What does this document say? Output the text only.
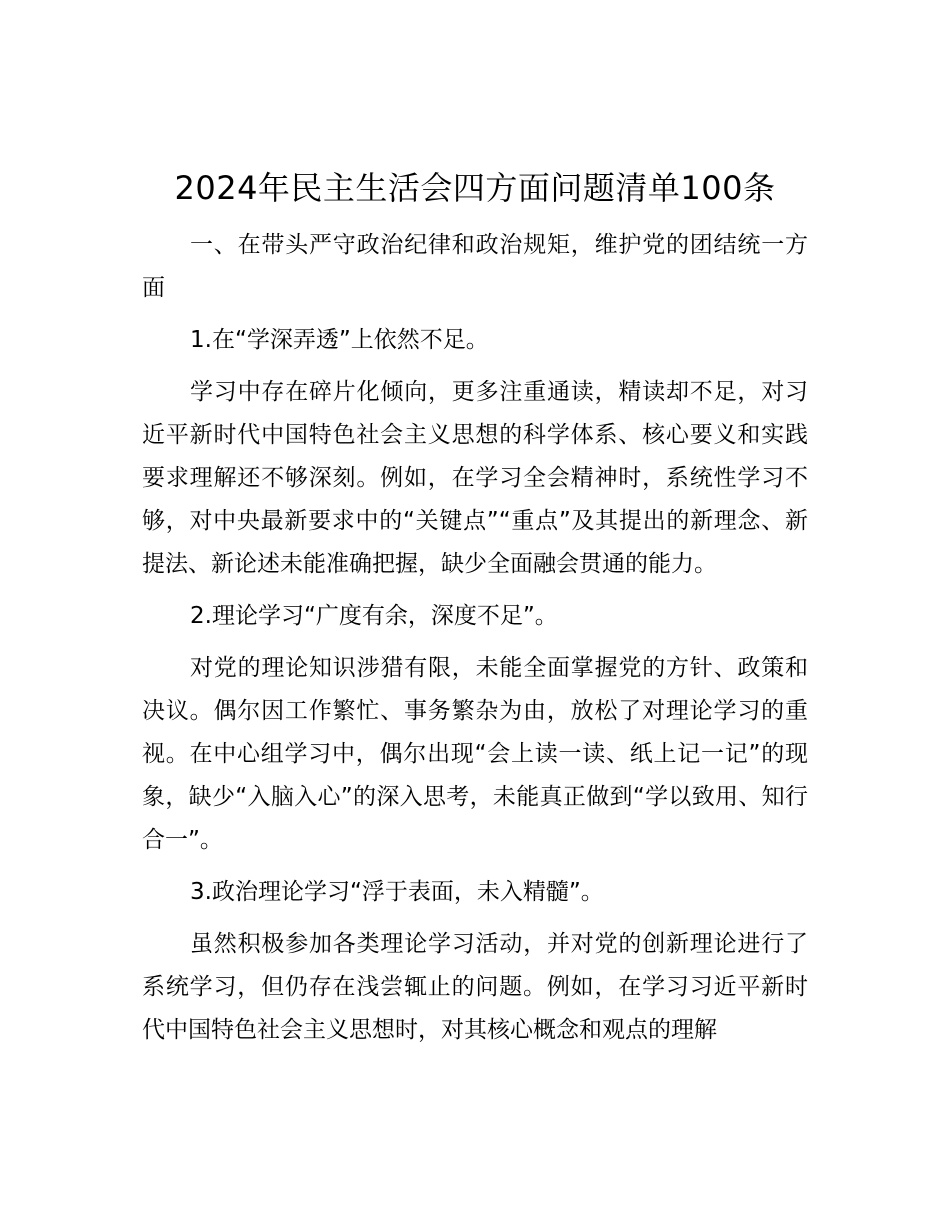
2024年民主生活会四方面问题清单100条

一、在带头严守政治纪律和政治规矩，维护党的团结统一方面

1.在“学深弄透”上依然不足。

学习中存在碎片化倾向，更多注重通读，精读却不足，对习近平新时代中国特色社会主义思想的科学体系、核心要义和实践要求理解还不够深刻。例如，在学习全会精神时，系统性学习不够，对中央最新要求中的“关键点”“重点”及其提出的新理念、新提法、新论述未能准确把握，缺少全面融会贯通的能力。

2.理论学习“广度有余，深度不足”。

对党的理论知识涉猎有限，未能全面掌握党的方针、政策和决议。偶尔因工作繁忙、事务繁杂为由，放松了对理论学习的重视。在中心组学习中，偶尔出现“会上读一读、纸上记一记”的现象，缺少“入脑入心”的深入思考，未能真正做到“学以致用、知行合一”。

3.政治理论学习“浮于表面，未入精髓”。

虽然积极参加各类理论学习活动，并对党的创新理论进行了系统学习，但仍存在浅尝辄止的问题。例如，在学习习近平新时代中国特色社会主义思想时，对其核心概念和观点的理解
